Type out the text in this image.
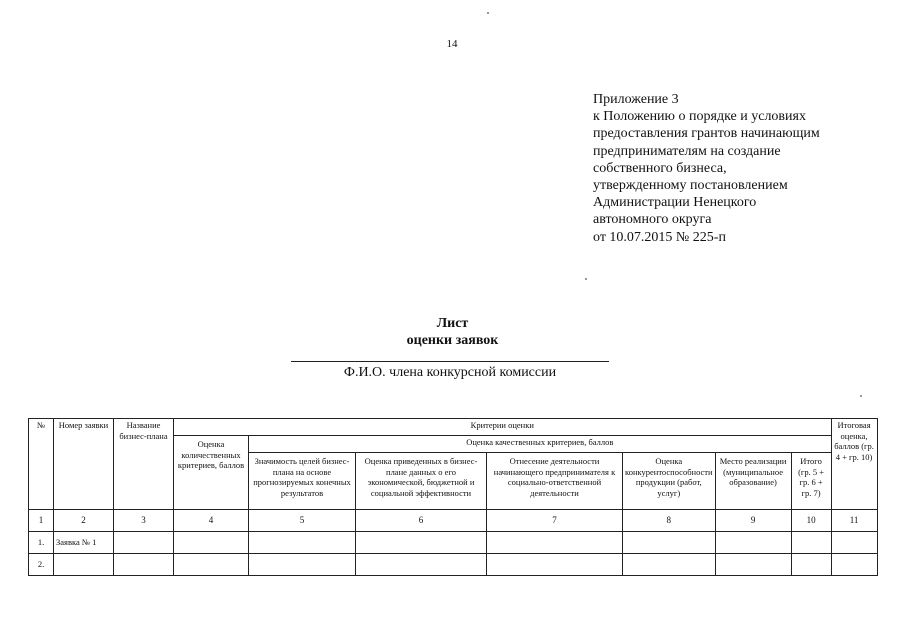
14
Приложение 3
к Положению о порядке и условиях
предоставления грантов начинающим
предпринимателям на создание
собственного бизнеса,
утвержденному постановлением
Администрации Ненецкого
автономного округа
от 10.07.2015 № 225-п
Лист
оценки заявок
Ф.И.О. члена конкурсной комиссии
№	Номер заявки	Название бизнес-плана	Критерии оценки							Итоговая оценка, баллов (гр. 4 + гр. 10)
			Оценка количественных критериев, баллов	Оценка качественных критериев, баллов						
				Значимость целей бизнес-плана на основе прогнозируемых конечных результатов	Оценка приведенных в бизнес-плане данных о его экономической, бюджетной и социальной эффективности	Отнесение деятельности начинающего предпринимателя к социально-ответственной деятельности	Оценка конкурентоспособности продукции (работ, услуг)	Место реализации (муниципальное образование)	Итого (гр. 5 + гр. 6 + гр. 7)	
1	2	3	4	5	6	7	8	9	10	11
1.	Заявка № 1									
2.										
